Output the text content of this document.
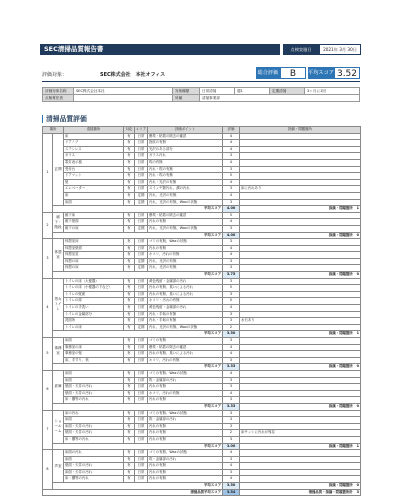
SEC清掃品質報告書	点検実施日	2021年 3月 30日
評価対象：	SEC株式会社　本社オフィス	総合評価	B	平均スコア 3.52
評価対象名称	SEC株式会社本社	対象種類	日常清掃	週1	定期清掃	3ヶ月に1回
点検責任者		所属	清掃事業部			
清掃品質評価
場所		清掃箇所	対応	エリア	評価ポイント	評価	指摘・問題箇所
1	玄関	床	有	日常	塵埃・粘着の除去の確認	4	
		ドアノブ	有	日常	指紋の有無	4	
		ステンレス	有	日常	光沢のある部分	4	
		ガラス	有	日常	ガラス汚れ	3	
		電灯表示板	有	日常	埃の有無	4	
		受付台	有	日常	汚れ・埃の有無	3	
		ドアマット	有	日常	汚れ・埃の有無	5	
		壁	有	日常	汚れ・光沢の有無	4	
		エレベーター	有	日常	スイッチ類汚れ、溝の汚れ	3	床に汚れあり
		床	有	定期	汚れ、光沢の有無	4	
		床面	有	定期	汚れ、光沢の有無、Waxの状態	3	
	平均スコア					4.00	指摘・問題箇所 1
2	廊下・階段	廊下床	有	日常	塵埃・粘着の除去の確認	5	
		廊下壁面	有	日常	汚れの有無	4	
		廊下の床	有	定期	汚れ、光沢の有無、Waxの状態	3	
	平均スコア					4.00	指摘・問題箇所 0
3	休憩室	休憩室床	有	日常	ゴミの有無、Waxの状態	3	
		休憩室壁面	有	日常	汚れの有無	4	
		休憩室窓	有	日常	ホコリ、汚れの有無	4	
		休憩の床	有	定期	汚れ、光沢の有無	3	
		休憩の床	有	定期	汚れ、光沢の有無	3	
	平均スコア					3.75	指摘・問題箇所 0
4	男女トイレ	トイレの床（大便器）	有	日常	黄色残留・金属部の汚れ	3	
		トイレの床（小便器の下など）	有	日常	汚れの有無、臭いによる汚れ	5	
		トイレの壁面	有	日常	汚れの有無、臭いによる汚れ	3	
		トイレの扉	有	日常	ホコリ・汚れの有無	5	
		トイレの手洗い	有	日常	黄色残留・金属部の汚れ	4	
		トイレの金属部分	有	日常	汚れ・手垢の有無	3	
		洗面所	有	日常	汚れ・手垢の有無	3	水石あり
		トイレの床	有	定期	汚れ、光沢の有無、Waxの状態	2	
	平均スコア					3.50	指摘・問題箇所 1
5	事務室	床面	有	日常	ゴミの有無	3	
		事務室の床	有	日常	塵埃・粘着の除去の確認	4	
		事務室の壁	有	日常	汚れの有無、臭いによる汚れ	4	
		床、手すり、机	有	日常	ホコリ、汚れの有無	3	
	平均スコア					3.33	指摘・問題箇所 0
6	倉庫	床面	有	日常	ゴミの有無、Waxの状態	4	
		床面	有	日常	埃・金属部の汚れ	3	
		壁面・天井の汚れ	有	日常	汚れの有無	3	
		壁面・天井の汚れ	有	日常	ホコリ、汚れの有無	4	
		床・棚等の汚れ	有	日常	汚れの有無	3	
	平均スコア					3.33	指摘・問題箇所 0
7	ショールーム	床の汚れ	有	日常	ゴミの有無、Waxの状態	3	
		床面	有	日常	埃・金属部の汚れ	3	
		床面・天井の汚れ	有	日常	汚れの有無	3	
		壁面・天井の汚れ	有	日常	汚れの有無	2	床サッシに汚れが残存
		床・棚等の汚れ	有	日常	汚れの有無	3	
	平均スコア					3.00	指摘・問題箇所 1
8	声室	床面の汚れ	有	日常	ゴミの有無、Waxの状態	4	
		床面	有	日常	埃・金属部の汚れ	3	
		壁面・天井の汚れ	有	日常	汚れの有無	4	
		床面・天井の汚れ	有	日常	汚れの有無	3	
		床・棚等の汚れ	有	日常	汚れの有無	4	
	平均スコア					3.50	指摘・問題箇所 0
清掃品質平均スコア						3.54	清掃品質・指摘・問題箇所計 3
